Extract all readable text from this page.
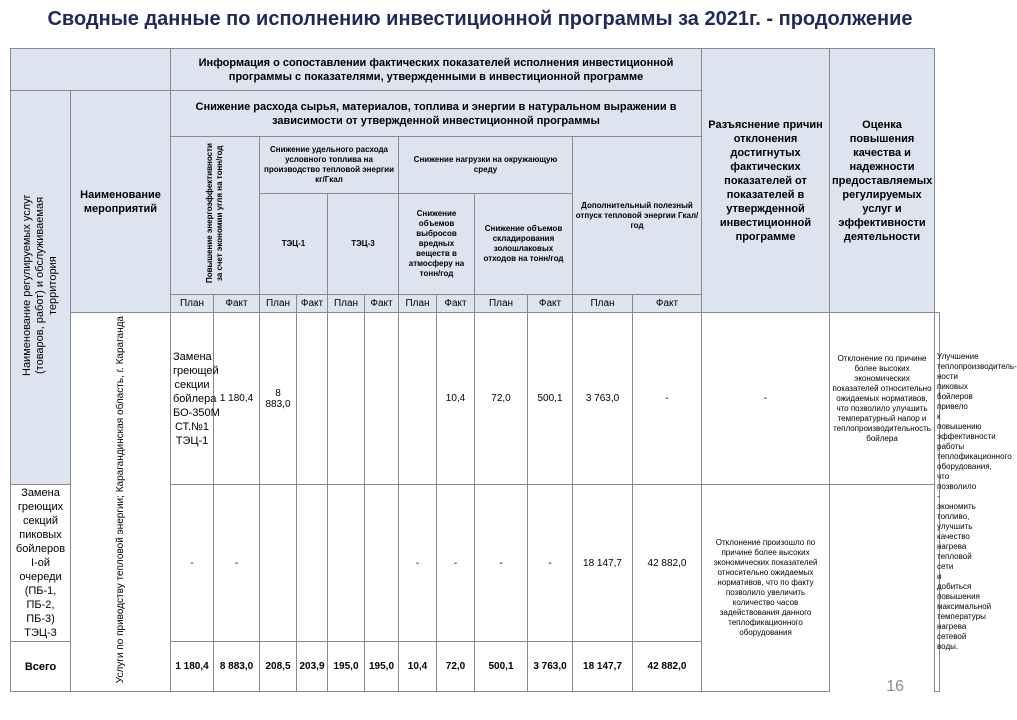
Сводные данные по исполнению инвестиционной программы за 2021г. - продолжение
		Информация о сопоставлении фактических показателей исполнения инвестиционной программы с показателями, утвержденными в инвестиционной программе												Разъяснение причин отклонения достигнутых фактических показателей от показателей в утвержденной инвестиционной программе	Оценка повышения качества и надежности предоставляемых регулируемых услуг и эффективности деятельности	
Наименование регулируемых услуг (товаров, работ) и обслуживаемая территория	Наименование мероприятий	Снижение расхода сырья, материалов, топлива и энергии в натуральном выражении в зависимости от утвержденной инвестиционной программы														
		Повышение энергоэффективности за счет экономии угля на тонн/год		Снижение удельного расхода условного топлива на производство тепловой энергии кг/Гкал				Снижение нагрузки на окружающую среду				Дополнительный полезный отпуск тепловой энергии Гкал/год				
				ТЭЦ-1		ТЭЦ-3		Снижение объемов выбросов вредных веществ в атмосферу на тонн/год		Снижение объемов складирования золошлаковых отходов на тонн/год						
		План	Факт	План	Факт	План	Факт	План	Факт	План	Факт	План	Факт			
	Услуги по приводству тепловой энергии; Карагандинская область, г. Караганда	Замена греющей секции бойлера БО-350М СТ.№1 ТЭЦ-1	1 180,4	8 883,0					10,4	72,0	500,1	3 763,0	-	-	Отклонение по причине более высоких экономических показателей относительно ожидаемых нормативов, что позволило улучшить температурный напор и теплопроизводительность бойлера	Улучшение теплопроизводитель-ности пиковых бойлеров привело к повышению эффективности работы теплофикационного оборудования, что позволило - экономить топливо, улучшить качество нагрева тепловой сети и добиться повышения максимальной температуры нагрева сетевой воды.
Замена греющих секций пиковых бойлеров I-ой очереди (ПБ-1, ПБ-2, ПБ-3) ТЭЦ-3		-	-					-	-	-	-	18 147,7	42 882,0	Отклонение произошло по причине более высоких экономических показателей относительно ожидаемых нормативов, что по факту позволило увеличить количество часов задействования данного теплофикационного оборудования		
Всего		1 180,4	8 883,0	208,5	203,9	195,0	195,0	10,4	72,0	500,1	3 763,0	18 147,7	42 882,0			
16
